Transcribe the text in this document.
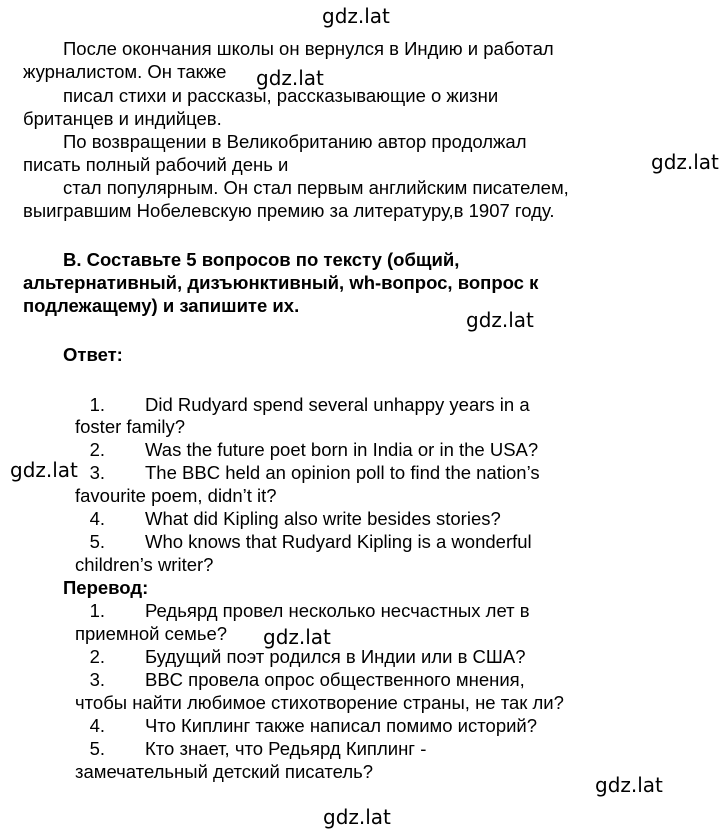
gdz.lat
gdz.lat
gdz.lat
gdz.lat
gdz.lat
gdz.lat
gdz.lat
gdz.lat
После окончания школы он вернулся в Индию и работал
журналистом. Он также
писал стихи и рассказы, рассказывающие о жизни
британцев и индийцев.
По возвращении в Великобританию автор продолжал
писать полный рабочий день и
стал популярным. Он стал первым английским писателем,
выигравшим Нобелевскую премию за литературу,в 1907 году.
B. Составьте 5 вопросов по тексту (общий,
альтернативный, дизъюнктивный, wh-вопрос, вопрос к
подлежащему) и запишите их.
Ответ:
1. Did Rudyard spend several unhappy years in a
foster family?
2. Was the future poet born in India or in the USA?
3. The BBC held an opinion poll to find the nation’s
favourite poem, didn’t it?
4. What did Kipling also write besides stories?
5. Who knows that Rudyard Kipling is a wonderful
children’s writer?
Перевод:
1. Редьярд провел несколько несчастных лет в
приемной семье?
2. Будущий поэт родился в Индии или в США?
3. BBC провела опрос общественного мнения,
чтобы найти любимое стихотворение страны, не так ли?
4. Что Киплинг также написал помимо историй?
5. Кто знает, что Редьярд Киплинг -
замечательный детский писатель?
